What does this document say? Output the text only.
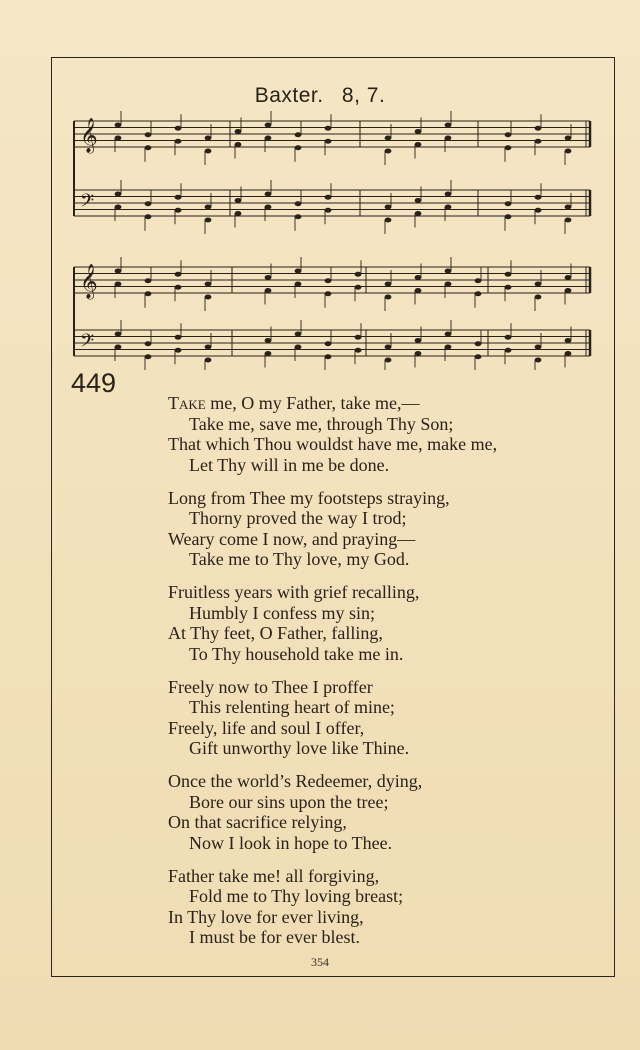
Baxter. 8, 7.
𝄞
𝄢
𝄞
𝄢
449
Take me, O my Father, take me,—
Take me, save me, through Thy Son;
That which Thou wouldst have me, make me,
Let Thy will in me be done.
Long from Thee my footsteps straying,
Thorny proved the way I trod;
Weary come I now, and praying—
Take me to Thy love, my God.
Fruitless years with grief recalling,
Humbly I confess my sin;
At Thy feet, O Father, falling,
To Thy household take me in.
Freely now to Thee I proffer
This relenting heart of mine;
Freely, life and soul I offer,
Gift unworthy love like Thine.
Once the world’s Redeemer, dying,
Bore our sins upon the tree;
On that sacrifice relying,
Now I look in hope to Thee.
Father take me! all forgiving,
Fold me to Thy loving breast;
In Thy love for ever living,
I must be for ever blest.
354
